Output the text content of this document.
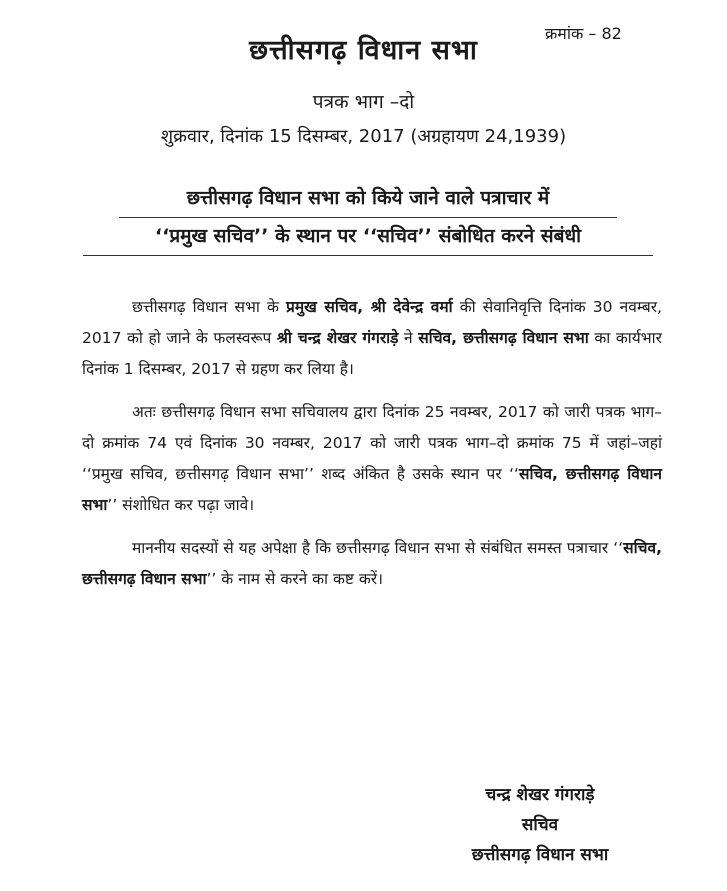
क्रमांक – 82
छत्तीसगढ़ विधान सभा
पत्रक भाग –दो
शुक्रवार, दिनांक 15 दिसम्बर, 2017 (अग्रहायण 24,1939)
छत्तीसगढ़ विधान सभा को किये जाने वाले पत्राचार में
‘‘प्रमुख सचिव’’ के स्थान पर ‘‘सचिव’’ संबोधित करने संबंधी

छत्तीसगढ़ विधान सभा के प्रमुख सचिव, श्री देवेन्द्र वर्मा की सेवानिवृत्ति दिनांक 30 नवम्बर, 2017 को हो जाने के फलस्वरूप श्री चन्द्र शेखर गंगराड़े ने सचिव, छत्तीसगढ़ विधान सभा का कार्यभार दिनांक 1 दिसम्बर, 2017 से ग्रहण कर लिया है।

अतः छत्तीसगढ़ विधान सभा सचिवालय द्वारा दिनांक 25 नवम्बर, 2017 को जारी पत्रक भाग–दो क्रमांक 74 एवं दिनांक 30 नवम्बर, 2017 को जारी पत्रक भाग–दो क्रमांक 75 में जहां–जहां ‘‘प्रमुख सचिव, छत्तीसगढ़ विधान सभा’’ शब्द अंकित है उसके स्थान पर ‘‘सचिव, छत्तीसगढ़ विधान सभा’’ संशोधित कर पढ़ा जावे।

माननीय सदस्यों से यह अपेक्षा है कि छत्तीसगढ़ विधान सभा से संबंधित समस्त पत्राचार ‘‘सचिव, छत्तीसगढ़ विधान सभा’’ के नाम से करने का कष्ट करें।

चन्द्र शेखर गंगराड़े
सचिव
छत्तीसगढ़ विधान सभा
